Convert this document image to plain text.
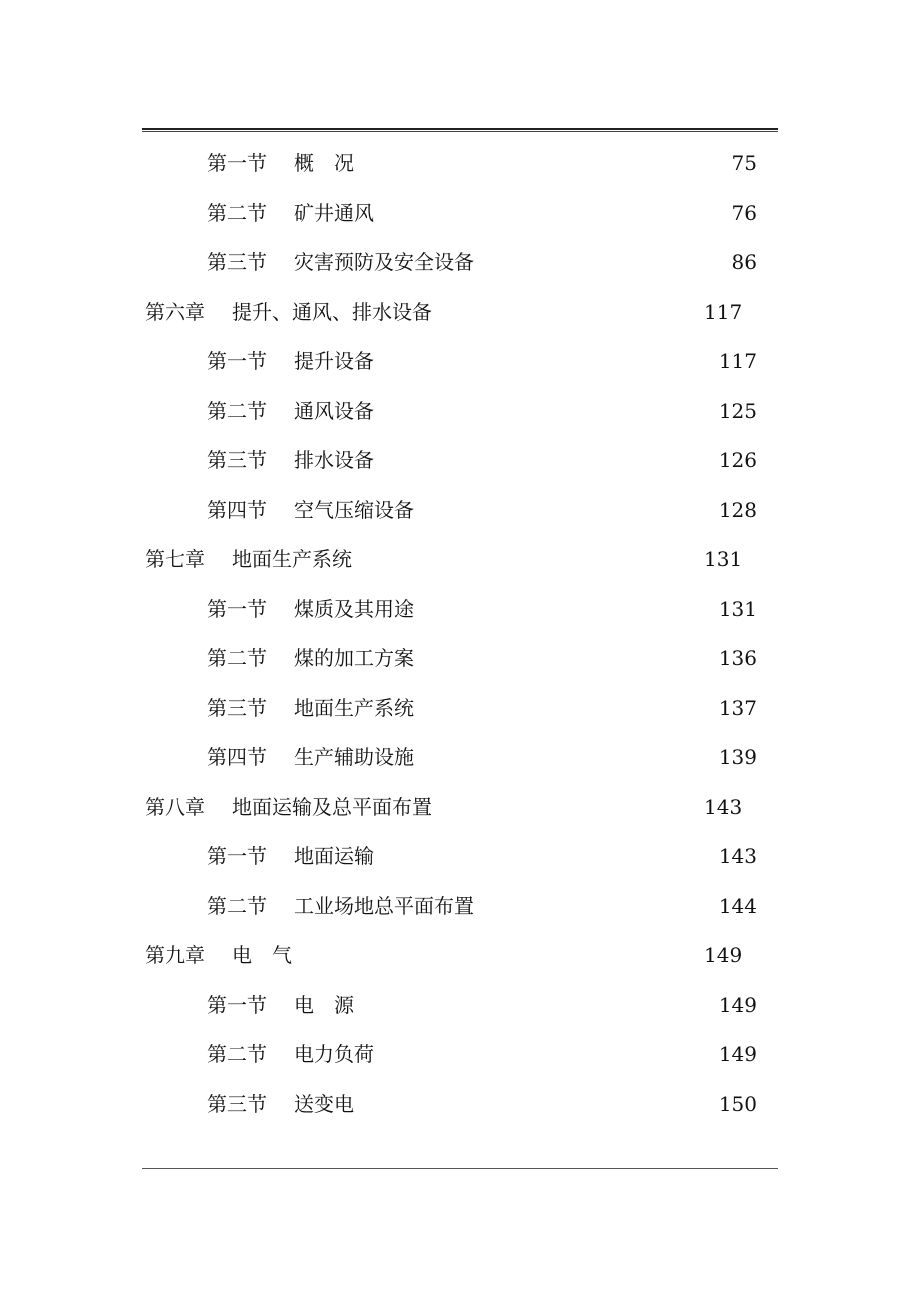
第一节 概　况	75
第二节 矿井通风	76
第三节 灾害预防及安全设备	86
第六章 提升、通风、排水设备	117
第一节 提升设备	117
第二节 通风设备	125
第三节 排水设备	126
第四节 空气压缩设备	128
第七章 地面生产系统	131
第一节 煤质及其用途	131
第二节 煤的加工方案	136
第三节 地面生产系统	137
第四节 生产辅助设施	139
第八章 地面运输及总平面布置	143
第一节 地面运输	143
第二节 工业场地总平面布置	144
第九章 电　气	149
第一节 电　源	149
第二节 电力负荷	149
第三节 送变电	150
